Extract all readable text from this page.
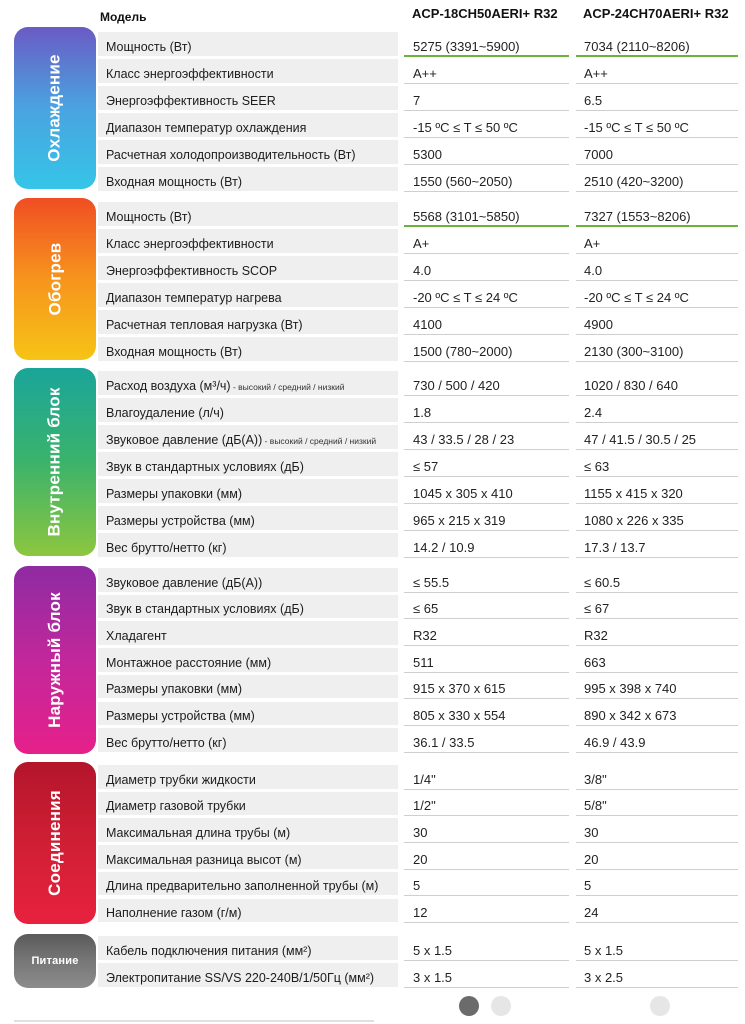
Модель	ACP-18CH50AERI+ R32 ACP-24CH70AERI+ R32
Охлаждение
Мощность (Вт)	5275 (3391~5900)	7034 (2110~8206)
Класс энергоэффективности	A++	A++
Энергоэффективность SEER	7	6.5
Диапазон температур охлаждения	-15 ºC ≤ T ≤ 50 ºC	-15 ºC ≤ T ≤ 50 ºC
Расчетная холодопроизводительность (Вт)	5300	7000
Входная мощность (Вт)	1550 (560~2050)	2510 (420~3200)
Обогрев
Мощность (Вт)	5568 (3101~5850)	7327 (1553~8206)
Класс энергоэффективности	A+	A+
Энергоэффективность SCOP	4.0	4.0
Диапазон температур нагрева	-20 ºC ≤ T ≤ 24 ºC	-20 ºC ≤ T ≤ 24 ºC
Расчетная тепловая нагрузка (Вт)	4100	4900
Входная мощность (Вт)	1500 (780~2000)	2130 (300~3100)
Внутренний блок
Расход воздуха (м³/ч) - высокий / средний / низкий	730 / 500 / 420	1020 / 830 / 640
Влагоудаление (л/ч)	1.8	2.4
Звуковое давление (дБ(А)) - высокий / средний / низкий	43 / 33.5 / 28 / 23	47 / 41.5 / 30.5 / 25
Звук в стандартных условиях (дБ)	≤ 57	≤ 63
Размеры упаковки (мм)	1045 x 305 x 410	1155 x 415 x 320
Размеры устройства (мм)	965 x 215 x 319	1080 x 226 x 335
Вес брутто/нетто (кг)	14.2 / 10.9	17.3 / 13.7
Наружный блок
Звуковое давление (дБ(А))	≤ 55.5	≤ 60.5
Звук в стандартных условиях (дБ)	≤ 65	≤ 67
Хладагент	R32	R32
Монтажное расстояние (мм)	511	663
Размеры упаковки (мм)	915 x 370 x 615	995 x 398 x 740
Размеры устройства (мм)	805 x 330 x 554	890 x 342 x 673
Вес брутто/нетто (кг)	36.1 / 33.5	46.9 / 43.9
Соединения
Диаметр трубки жидкости	1/4"	3/8"
Диаметр газовой трубки	1/2"	5/8"
Максимальная длина трубы (м)	30	30
Максимальная разница высот (м)	20	20
Длина предварительно заполненной трубы (м)	5	5
Наполнение газом (г/м)	12	24
Питание
Кабель подключения питания (мм²)	5 x 1.5	5 x 1.5
Электропитание SS/VS 220-240В/1/50Гц (мм²)	3 x 1.5	3 x 2.5
